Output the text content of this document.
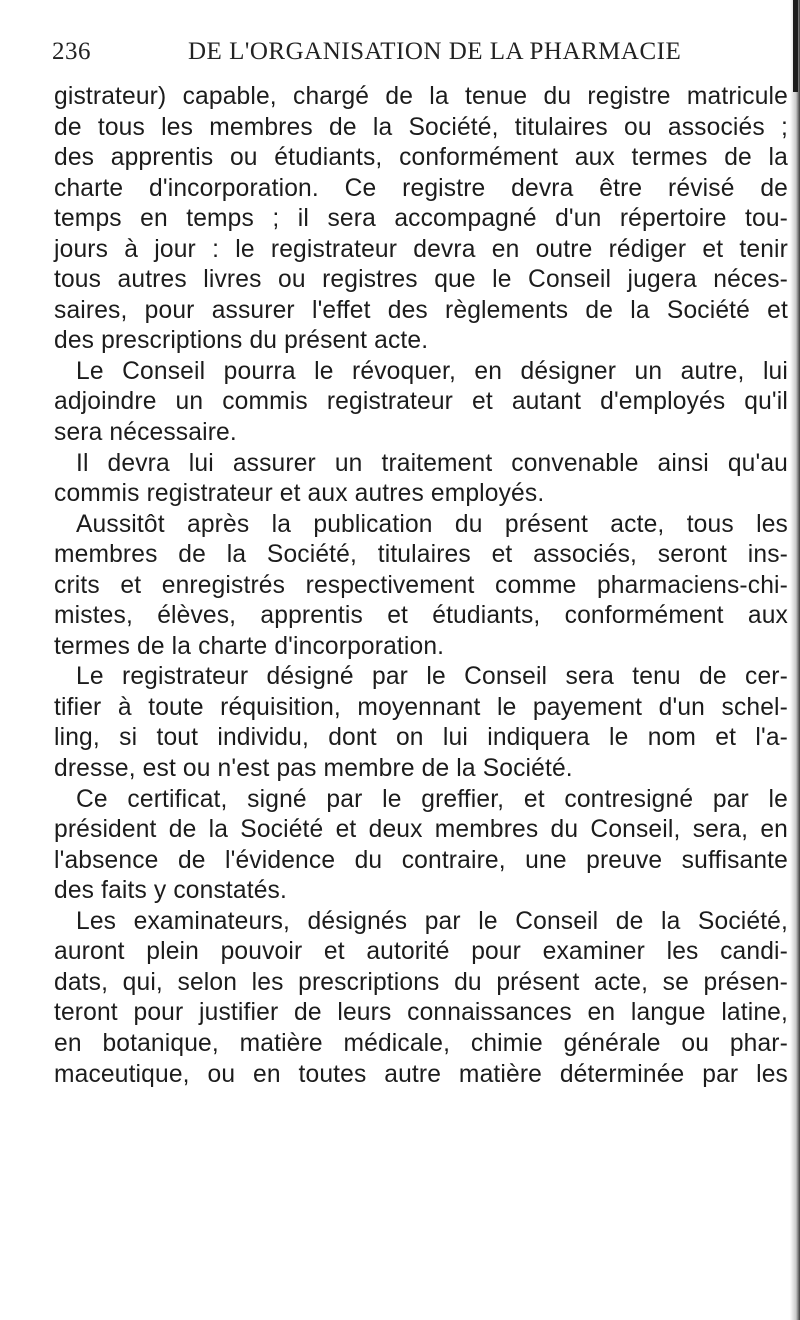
236	DE L'ORGANISATION DE LA PHARMACIE
gistrateur) capable, chargé de la tenue du registre matricule
de tous les membres de la Société, titulaires ou associés ;
des apprentis ou étudiants, conformément aux termes de la
charte d'incorporation. Ce registre devra être révisé de
temps en temps ; il sera accompagné d'un répertoire tou-
jours à jour : le registrateur devra en outre rédiger et tenir
tous autres livres ou registres que le Conseil jugera néces-
saires, pour assurer l'effet des règlements de la Société et
des prescriptions du présent acte.
Le Conseil pourra le révoquer, en désigner un autre, lui
adjoindre un commis registrateur et autant d'employés qu'il
sera nécessaire.
Il devra lui assurer un traitement convenable ainsi qu'au
commis registrateur et aux autres employés.
Aussitôt après la publication du présent acte, tous les
membres de la Société, titulaires et associés, seront ins-
crits et enregistrés respectivement comme pharmaciens-chi-
mistes, élèves, apprentis et étudiants, conformément aux
termes de la charte d'incorporation.
Le registrateur désigné par le Conseil sera tenu de cer-
tifier à toute réquisition, moyennant le payement d'un schel-
ling, si tout individu, dont on lui indiquera le nom et l'a-
dresse, est ou n'est pas membre de la Société.
Ce certificat, signé par le greffier, et contresigné par le
président de la Société et deux membres du Conseil, sera, en
l'absence de l'évidence du contraire, une preuve suffisante
des faits y constatés.
Les examinateurs, désignés par le Conseil de la Société,
auront plein pouvoir et autorité pour examiner les candi-
dats, qui, selon les prescriptions du présent acte, se présen-
teront pour justifier de leurs connaissances en langue latine,
en botanique, matière médicale, chimie générale ou phar-
maceutique, ou en toutes autre matière déterminée par les
